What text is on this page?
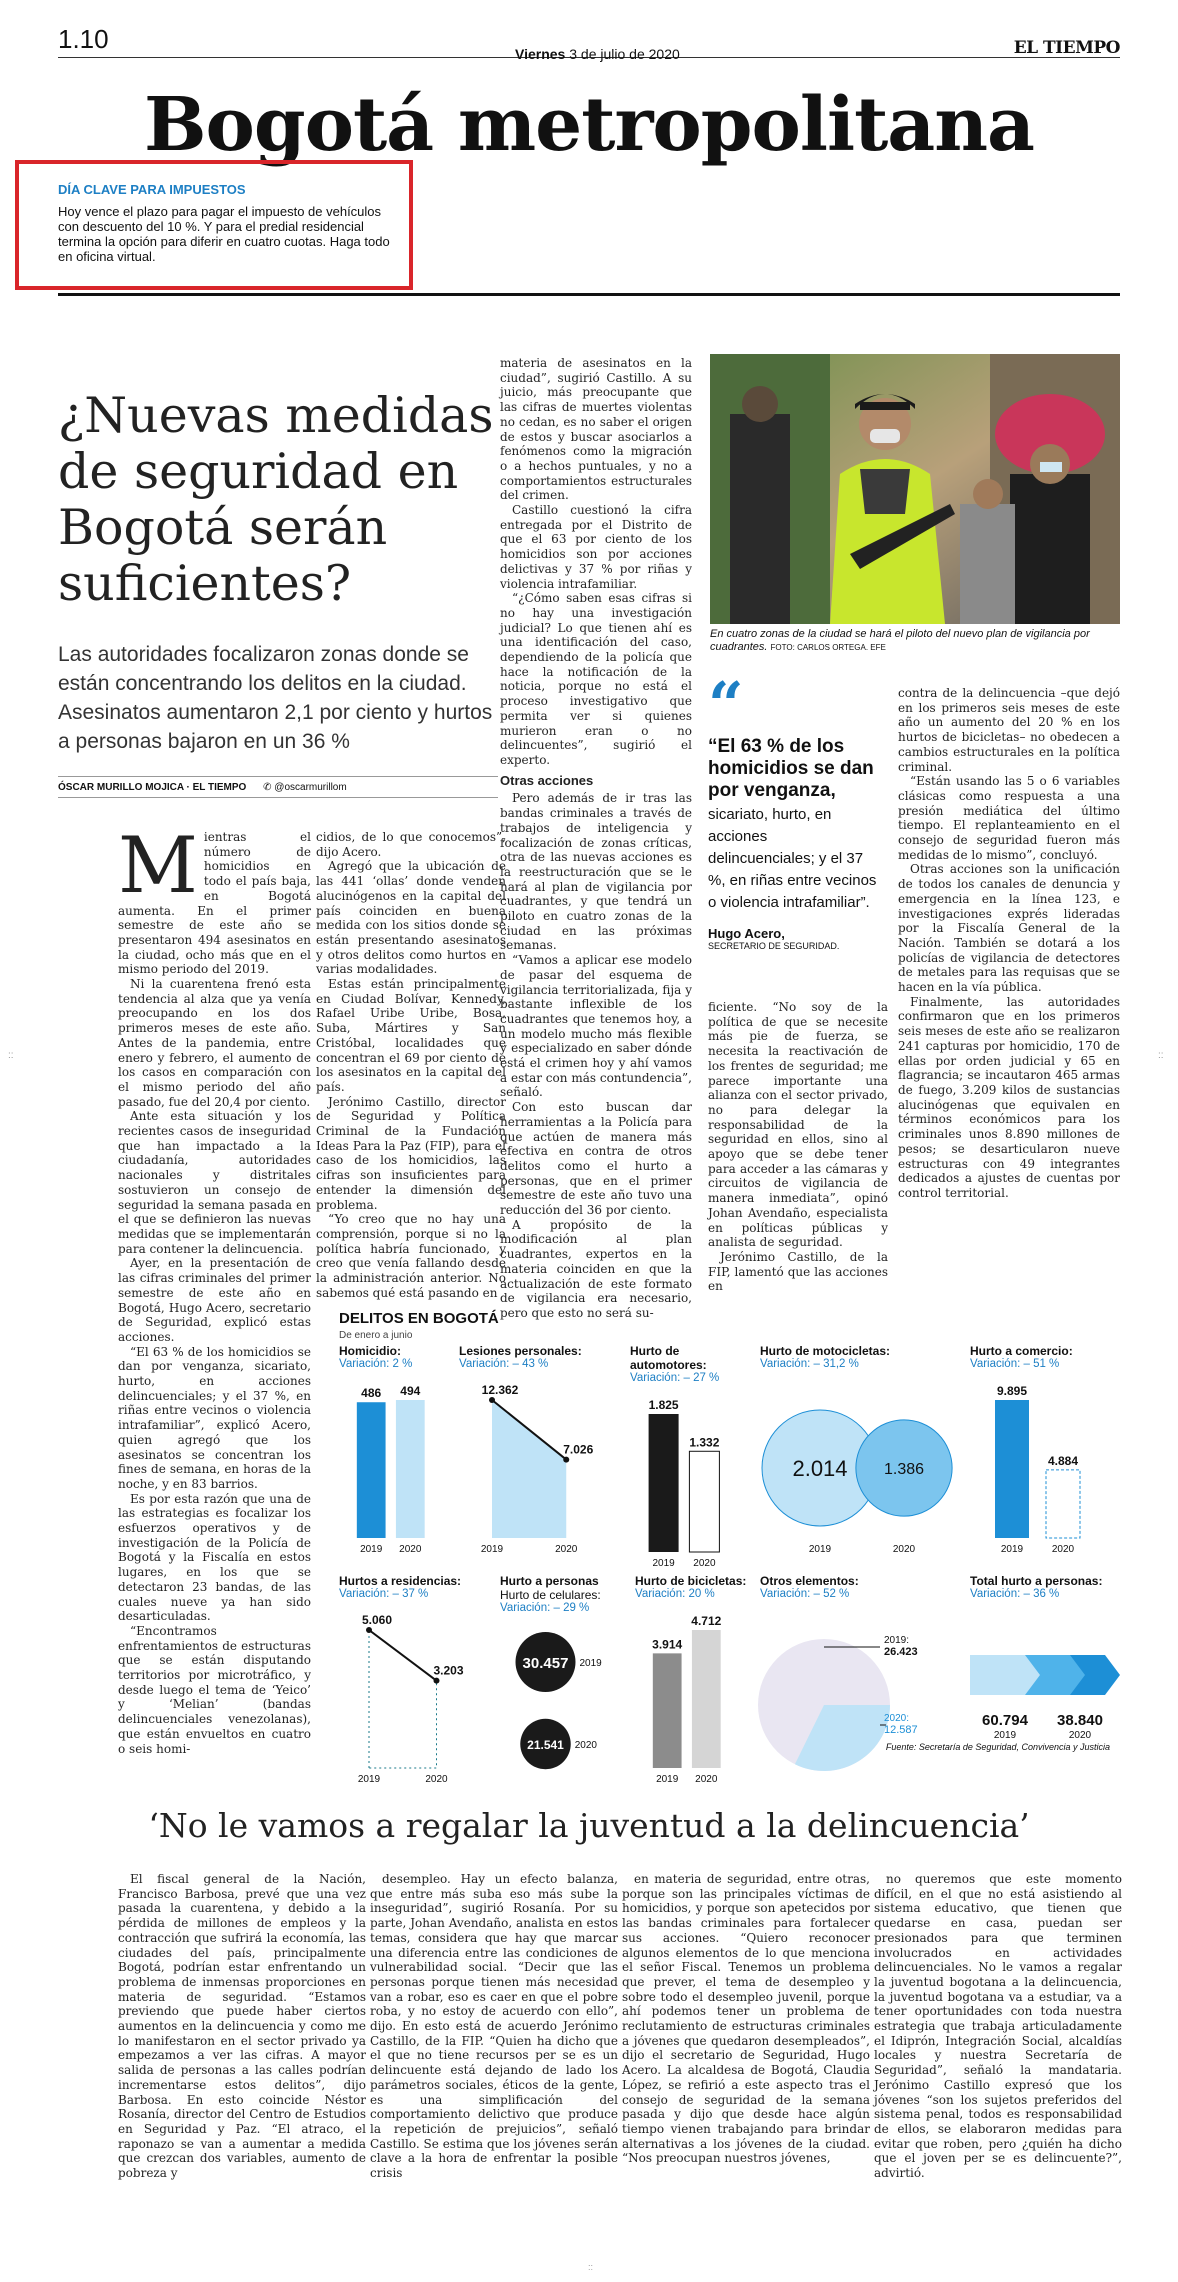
1.10	Viernes 3 de julio de 2020	EL TIEMPO
Bogotá metropolitana
DÍA CLAVE PARA IMPUESTOS
Hoy vence el plazo para pagar el impuesto de vehículos con descuento del 10 %. Y para el predial residencial termina la opción para diferir en cuatro cuotas. Haga todo en oficina virtual.
¿Nuevas medidas de seguridad en Bogotá serán suficientes?
Las autoridades focalizaron zonas donde se están concentrando los delitos en la ciudad. Asesinatos aumentaron 2,1 por ciento y hurtos a personas bajaron en un 36 %
ÓSCAR MURILLO MOJICA · EL TIEMPO ✆ @oscarmurillom
M ientras el número de homicidios en todo el país baja, en Bogotá aumenta. En el primer semestre de este año se presentaron 494 asesinatos en la ciudad, ocho más que en el mismo periodo del 2019.

Ni la cuarentena frenó esta tendencia al alza que ya venía preocupando en los dos primeros meses de este año. Antes de la pandemia, entre enero y febrero, el aumento de los casos en comparación con el mismo periodo del año pasado, fue del 20,4 por ciento.

Ante esta situación y los recientes casos de inseguridad que han impactado a la ciudadanía, autoridades nacionales y distritales sostuvieron un consejo de seguridad la semana pasada en el que se definieron las nuevas medidas que se implementarán para contener la delincuencia.

Ayer, en la presentación de las cifras criminales del primer semestre de este año en Bogotá, Hugo Acero, secretario de Seguridad, explicó estas acciones.

“El 63 % de los homicidios se dan por venganza, sicariato, hurto, en acciones delincuenciales; y el 37 %, en riñas entre vecinos o violencia intrafamiliar”, explicó Acero, quien agregó que los asesinatos se concentran los fines de semana, en horas de la noche, y en 83 barrios.

Es por esta razón que una de las estrategias es focalizar los esfuerzos operativos y de investigación de la Policía de Bogotá y la Fiscalía en estos lugares, en los que se detectaron 23 bandas, de las cuales nueve ya han sido desarticuladas.

“Encontramos enfrentamientos de estructuras que se están disputando territorios por microtráfico, y desde luego el tema de ‘Yeico’ y ‘Melian’ (bandas delincuenciales venezolanas), que están envueltos en cuatro o seis homi-

cidios, de lo que conocemos”, dijo Acero.

Agregó que la ubicación de las 441 ‘ollas’ donde venden alucinógenos en la capital del país coinciden en buena medida con los sitios donde se están presentando asesinatos y otros delitos como hurtos en varias modalidades.

Estas están principalmente en Ciudad Bolívar, Kennedy, Rafael Uribe Uribe, Bosa, Suba, Mártires y San Cristóbal, localidades que concentran el 69 por ciento de los asesinatos en la capital del país.

Jerónimo Castillo, director de Seguridad y Política Criminal de la Fundación Ideas Para la Paz (FIP), para el caso de los homicidios, las cifras son insuficientes para entender la dimensión del problema.

“Yo creo que no hay una comprensión, porque si no la política habría funcionado, y creo que venía fallando desde la administración anterior. No sabemos qué está pasando en

materia de asesinatos en la ciudad”, sugirió Castillo. A su juicio, más preocupante que las cifras de muertes violentas no cedan, es no saber el origen de estos y buscar asociarlos a fenómenos como la migración o a hechos puntuales, y no a comportamientos estructurales del crimen.

Castillo cuestionó la cifra entregada por el Distrito de que el 63 por ciento de los homicidios son por acciones delictivas y 37 % por riñas y violencia intrafamiliar.

“¿Cómo saben esas cifras si no hay una investigación judicial? Lo que tienen ahí es una identificación del caso, dependiendo de la policía que hace la notificación de la noticia, porque no está el proceso investigativo que permita ver si quienes murieron eran o no delincuentes”, sugirió el experto.

Otras acciones

Pero además de ir tras las bandas criminales a través de trabajos de inteligencia y focalización de zonas críticas, otra de las nuevas acciones es la reestructuración que se le hará al plan de vigilancia por cuadrantes, y que tendrá un piloto en cuatro zonas de la ciudad en las próximas semanas.

“Vamos a aplicar ese modelo de pasar del esquema de vigilancia territorializada, fija y bastante inflexible de los cuadrantes que tenemos hoy, a un modelo mucho más flexible y especializado en saber dónde está el crimen hoy y ahí vamos a estar con más contundencia”, señaló.

Con esto buscan dar herramientas a la Policía para que actúen de manera más efectiva en contra de otros delitos como el hurto a personas, que en el primer semestre de este año tuvo una reducción del 36 por ciento.

A propósito de la modificación al plan cuadrantes, expertos en la materia coinciden en que la actualización de este formato de vigilancia era necesario, pero que esto no será su-

En cuatro zonas de la ciudad se hará el piloto del nuevo plan de vigilancia por cuadrantes. FOTO: CARLOS ORTEGA. EFE
“
“El 63 % de los homicidios se dan por venganza,
sicariato, hurto, en acciones delincuenciales; y el 37 %, en riñas entre vecinos o violencia intrafamiliar”.
Hugo Acero,
SECRETARIO DE SEGURIDAD.

ficiente. “No soy de la política de que se necesite más pie de fuerza, se necesita la reactivación de los frentes de seguridad; me parece importante una alianza con el sector privado, no para delegar la responsabilidad de la seguridad en ellos, sino al apoyo que se debe tener para acceder a las cámaras y circuitos de vigilancia de manera inmediata”, opinó Johan Avendaño, especialista en políticas públicas y analista de seguridad.

Jerónimo Castillo, de la FIP, lamentó que las acciones en

contra de la delincuencia –que dejó en los primeros seis meses de este año un aumento del 20 % en los hurtos de bicicletas– no obedecen a cambios estructurales en la política criminal.

“Están usando las 5 o 6 variables clásicas como respuesta a una presión mediática del último tiempo. El replanteamiento en el consejo de seguridad fueron más medidas de lo mismo”, concluyó.

Otras acciones son la unificación de todos los canales de denuncia y emergencia en la línea 123, e investigaciones exprés lideradas por la Fiscalía General de la Nación. También se dotará a los policías de vigilancia de detectores de metales para las requisas que se hacen en la vía pública.

Finalmente, las autoridades confirmaron que en los primeros seis meses de este año se realizaron 241 capturas por homicidio, 170 de ellas por orden judicial y 65 en flagrancia; se incautaron 465 armas de fuego, 3.209 kilos de sustancias alucinógenas que equivalen en términos económicos para los criminales unos 8.890 millones de pesos; se desarticularon nueve estructuras con 49 integrantes dedicados a ajustes de cuentas por control territorial.

DELITOS EN BOGOTÁ
De enero a junio
Homicidio:
Variación: 2 %
486
2019
494
2020
Lesiones personales:
Variación: – 43 %
12.362
7.026
2019	2020
Hurto de automotores:
Variación: – 27 %
1.825
2019
1.332
2020
Hurto de motocicletas:
Variación: – 31,2 %
2.014 1.386
2019	2020
Hurto a comercio:
Variación: – 51 %
9.895
2019
4.884
2020
Hurtos a residencias:
Variación: – 37 %
5.060
3.203
2019	2020
Hurto a personas
Hurto de celulares:
Variación: – 29 %
30.457
21.541
2019
2020
Hurto de bicicletas:
Variación: 20 %
3.914
2019
4.712
2020
Otros elementos:
Variación: – 52 %
2019:
26.423
2020:
12.587
Total hurto a personas:
Variación: – 36 %
60.794 38.840
2019	2020
Fuente: Secretaría de Seguridad, Convivencia y Justicia
‘No le vamos a regalar la juventud a la delincuencia’

El fiscal general de la Nación, Francisco Barbosa, prevé que una vez pasada la cuarentena, y debido a la pérdida de millones de empleos y la contracción que sufrirá la economía, las ciudades del país, principalmente Bogotá, podrían estar enfrentando un problema de inmensas proporciones en materia de seguridad. “Estamos previendo que puede haber ciertos aumentos en la delincuencia y como me lo manifestaron en el sector privado ya empezamos a ver las cifras. A mayor salida de personas a las calles podrían incrementarse estos delitos”, dijo Barbosa. En esto coincide Néstor Rosanía, director del Centro de Estudios en Seguridad y Paz. “El atraco, el raponazo se van a aumentar a medida que crezcan dos variables, aumento de pobreza y

desempleo. Hay un efecto balanza, que entre más suba eso más sube la inseguridad”, sugirió Rosanía. Por su parte, Johan Avendaño, analista en estos temas, considera que hay que marcar una diferencia entre las condiciones de vulnerabilidad social. “Decir que las personas porque tienen más necesidad van a robar, eso es caer en que el pobre roba, y no estoy de acuerdo con ello”, dijo. En esto está de acuerdo Jerónimo Castillo, de la FIP. “Quien ha dicho que el que no tiene recursos per se es un delincuente está dejando de lado los parámetros sociales, éticos de la gente, es una simplificación del comportamiento delictivo que produce la repetición de prejuicios”, señaló Castillo. Se estima que los jóvenes serán clave a la hora de enfrentar la posible crisis

en materia de seguridad, entre otras, porque son las principales víctimas de homicidios, y porque son apetecidos por las bandas criminales para fortalecer sus acciones. “Quiero reconocer algunos elementos de lo que menciona el señor Fiscal. Tenemos un problema que prever, el tema de desempleo y sobre todo el desempleo juvenil, porque ahí podemos tener un problema de reclutamiento de estructuras criminales a jóvenes que quedaron desempleados”, dijo el secretario de Seguridad, Hugo Acero. La alcaldesa de Bogotá, Claudia López, se refirió a este aspecto tras el consejo de seguridad de la semana pasada y dijo que desde hace algún tiempo vienen trabajando para brindar alternativas a los jóvenes de la ciudad. “Nos preocupan nuestros jóvenes,

no queremos que este momento difícil, en el que no está asistiendo al sistema educativo, que tienen que quedarse en casa, puedan ser presionados para que terminen involucrados en actividades delincuenciales. No le vamos a regalar la juventud bogotana a la delincuencia, la juventud bogotana va a estudiar, va a tener oportunidades con toda nuestra estrategia que trabaja articuladamente el Idiprón, Integración Social, alcaldías locales y nuestra Secretaría de Seguridad”, señaló la mandataria. Jerónimo Castillo expresó que los jóvenes “son los sujetos preferidos del sistema penal, todos es responsabilidad de ellos, se elaboraron medidas para evitar que roben, pero ¿quién ha dicho que el joven per se es delincuente?”, advirtió.

::
::	::
